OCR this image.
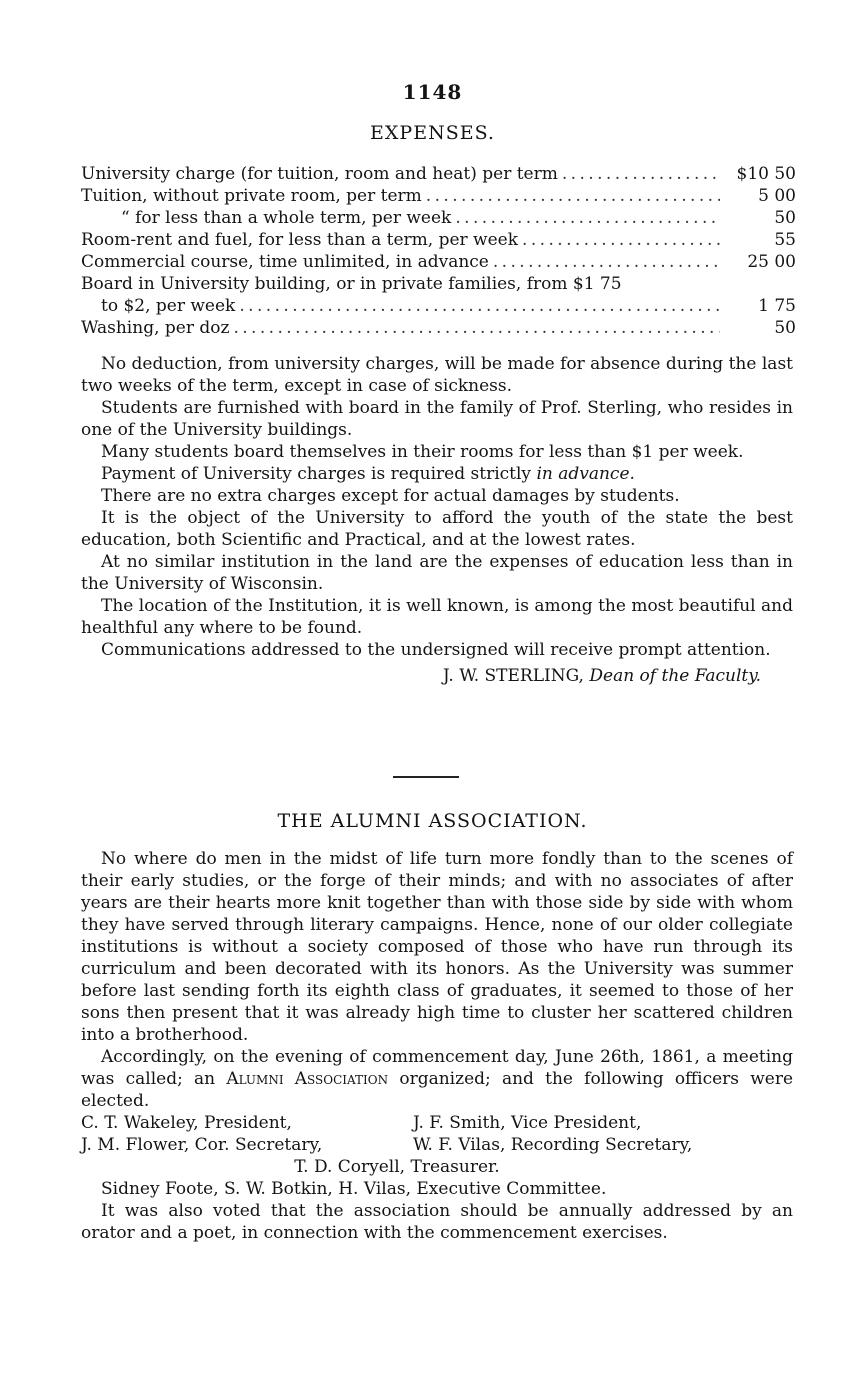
1148
EXPENSES.
University charge (for tuition, room and heat) per term . . .	$10 50
Tuition, without private room, per term . . .	5 00
“ for less than a whole term, per week . . .	50
Room-rent and fuel, for less than a term, per week . . .	55
Commercial course, time unlimited, in advance . . .	25 00
Board in University building, or in private families, from $1 75
to $2, per week . . .	1 75
Washing, per doz . . .	50

No deduction, from university charges, will be made for absence during the last two weeks of the term, except in case of sickness.

Students are furnished with board in the family of Prof. Sterling, who resides in one of the University buildings.

Many students board themselves in their rooms for less than $1 per week.

Payment of University charges is required strictly in advance.

There are no extra charges except for actual damages by students.

It is the object of the University to afford the youth of the state the best education, both Scientific and Practical, and at the lowest rates.

At no similar institution in the land are the expenses of education less than in the University of Wisconsin.

The location of the Institution, it is well known, is among the most beautiful and healthful any where to be found.

Communications addressed to the undersigned will receive prompt attention.

J. W. STERLING, Dean of the Faculty.
THE ALUMNI ASSOCIATION.

No where do men in the midst of life turn more fondly than to the scenes of their early studies, or the forge of their minds; and with no associates of after years are their hearts more knit together than with those side by side with whom they have served through literary campaigns. Hence, none of our older collegiate institutions is without a society composed of those who have run through its curriculum and been decorated with its honors. As the University was summer before last sending forth its eighth class of graduates, it seemed to those of her sons then present that it was already high time to cluster her scattered children into a brotherhood.

Accordingly, on the evening of commencement day, June 26th, 1861, a meeting was called; an Alumni Association organized; and the following officers were elected.

C. T. Wakeley, President,	J. F. Smith, Vice President,
J. M. Flower, Cor. Secretary,	W. F. Vilas, Recording Secretary,
T. D. Coryell, Treasurer.

Sidney Foote, S. W. Botkin, H. Vilas, Executive Committee.

It was also voted that the association should be annually addressed by an orator and a poet, in connection with the commencement exercises.
